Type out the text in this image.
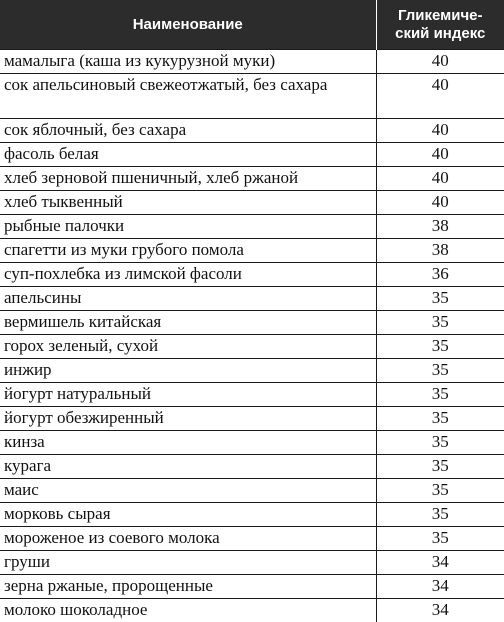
Наименование	Гликемиче-
ский индекс
мамалыга (каша из кукурузной муки)	40
сок апельсиновый свежеотжатый, без сахара	40
сок яблочный, без сахара	40
фасоль белая	40
хлеб зерновой пшеничный, хлеб ржаной	40
хлеб тыквенный	40
рыбные палочки	38
спагетти из муки грубого помола	38
суп-похлебка из лимской фасоли	36
апельсины	35
вермишель китайская	35
горох зеленый, сухой	35
инжир	35
йогурт натуральный	35
йогурт обезжиренный	35
кинза	35
курага	35
маис	35
морковь сырая	35
мороженое из соевого молока	35
груши	34
зерна ржаные, пророщенные	34
молоко шоколадное	34
